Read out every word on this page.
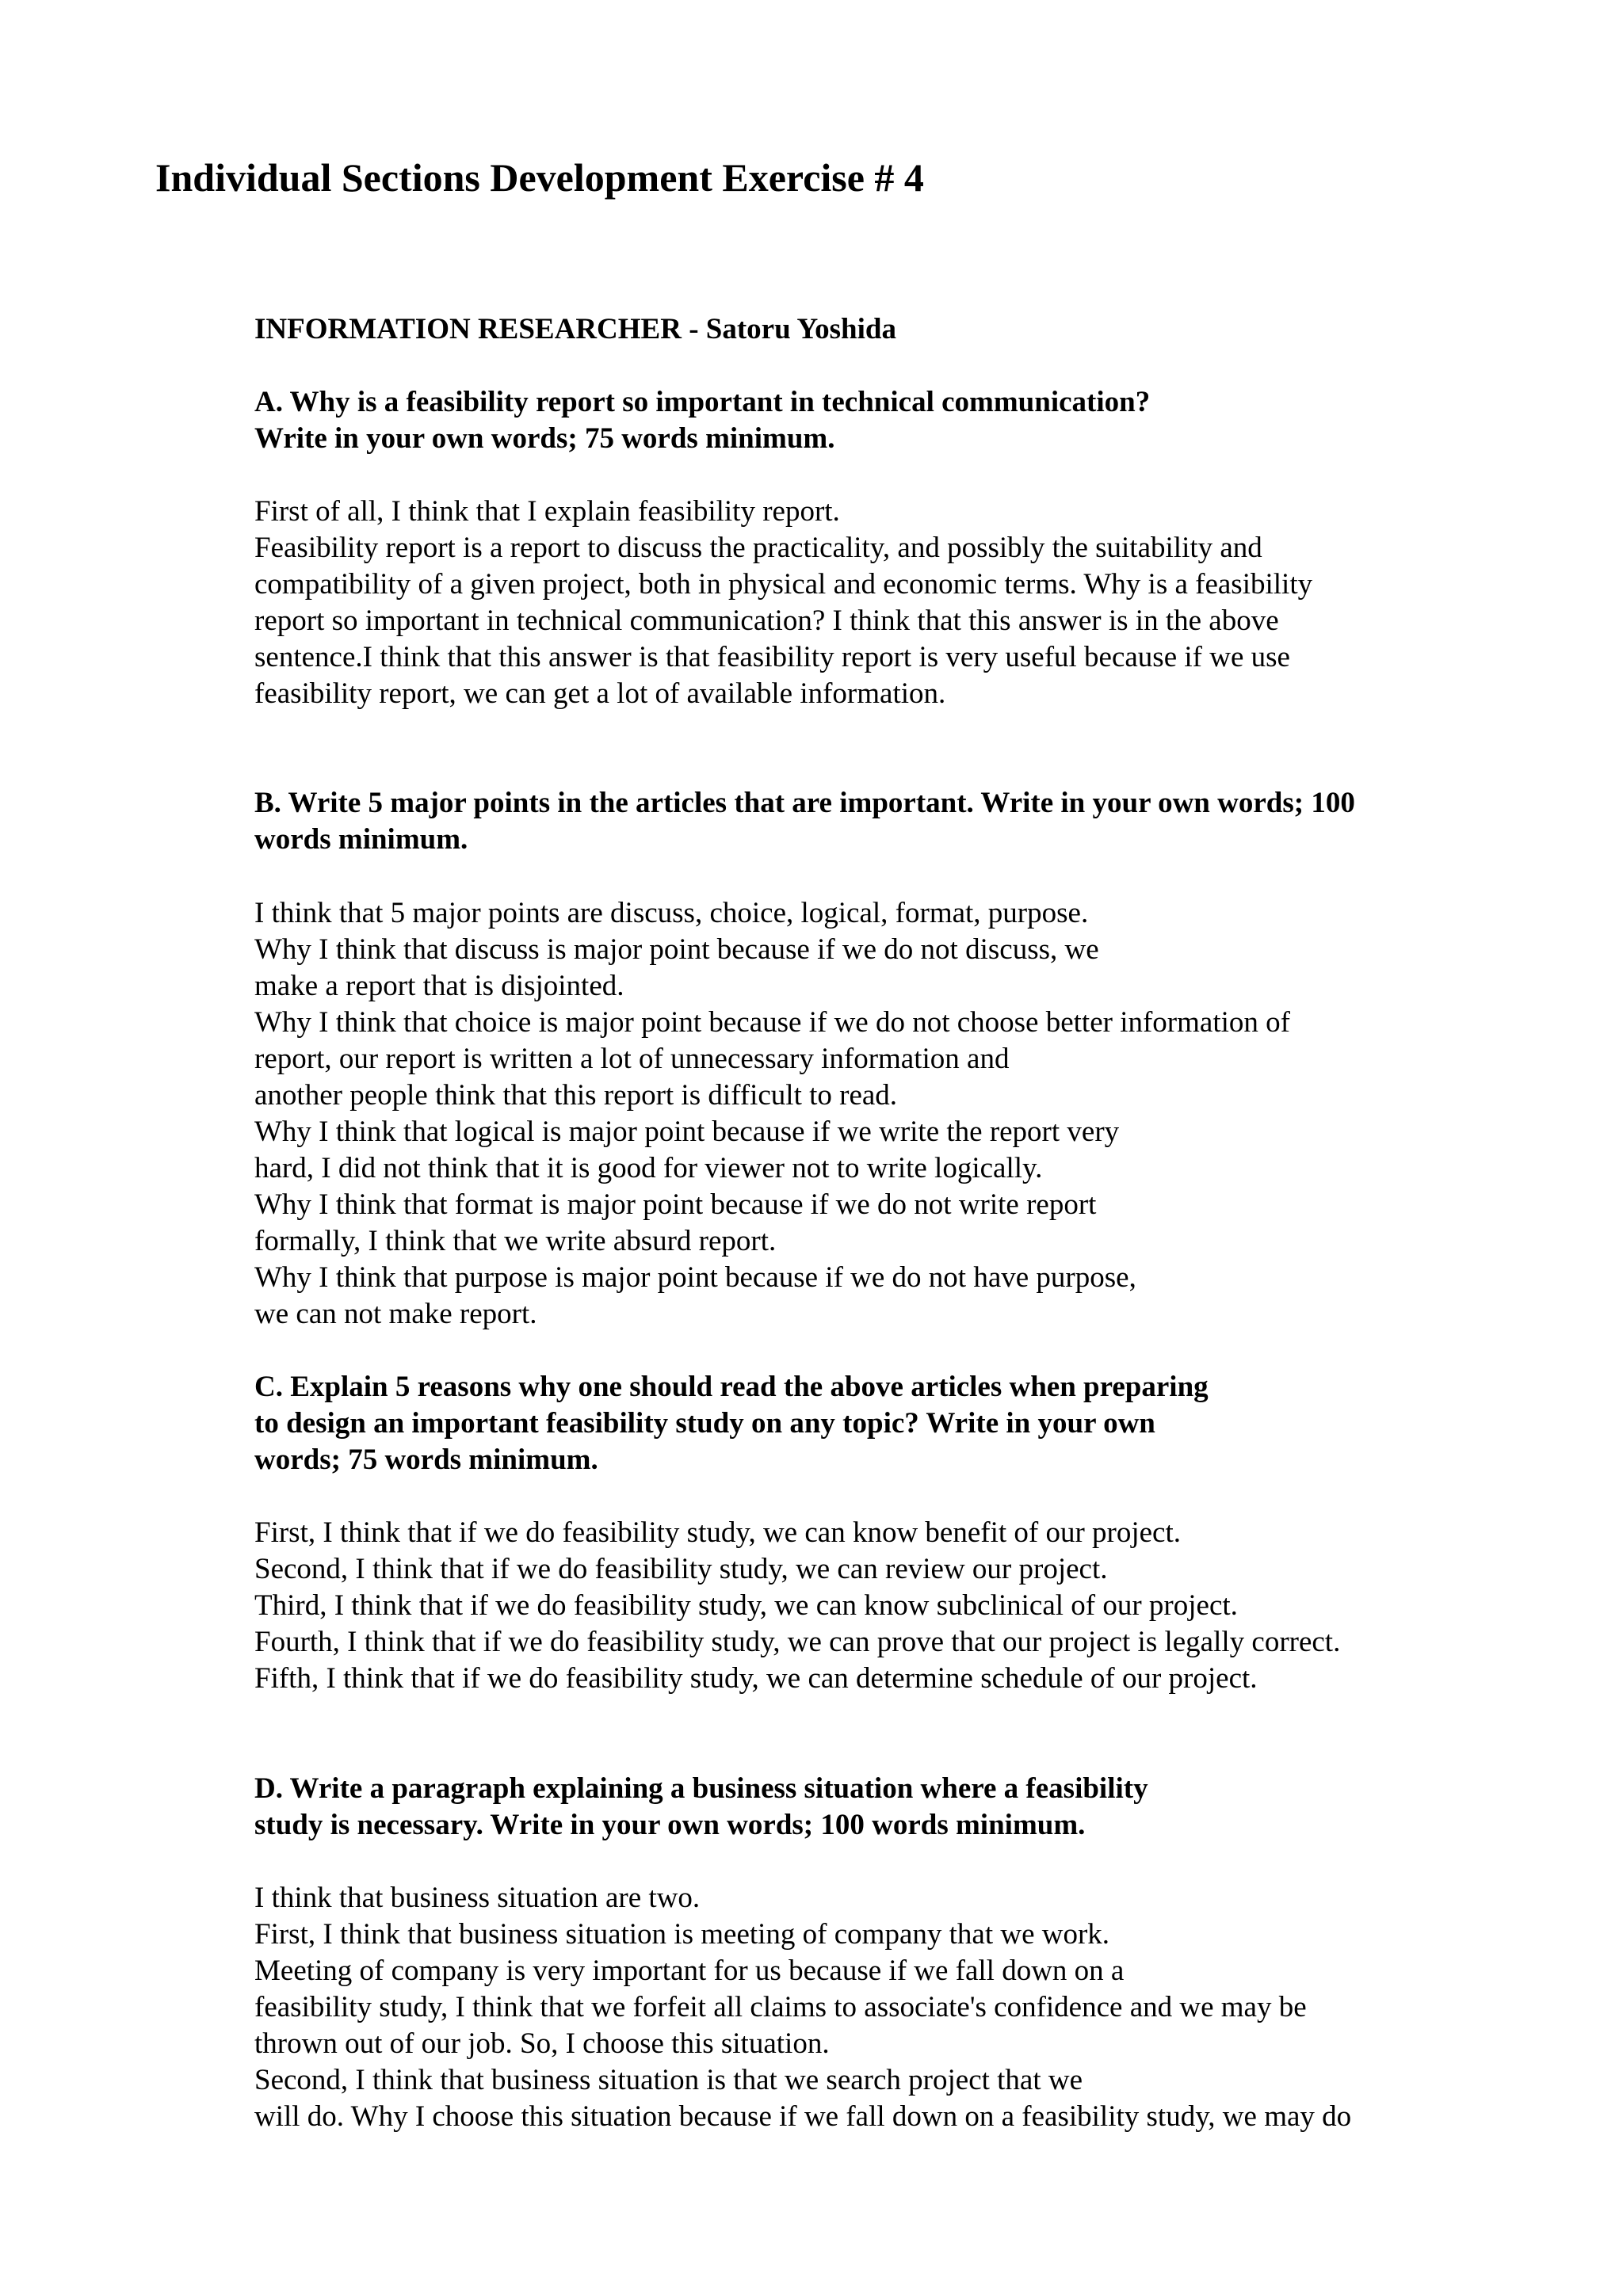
Individual Sections Development Exercise # 4

INFORMATION RESEARCHER - Satoru Yoshida

A. Why is a feasibility report so important in technical communication?

Write in your own words; 75 words minimum.

First of all, I think that I explain feasibility report.

Feasibility report is a report to discuss the practicality, and possibly the suitability and

compatibility of a given project, both in physical and economic terms. Why is a feasibility

report so important in technical communication? I think that this answer is in the above

sentence.I think that this answer is that feasibility report is very useful because if we use

feasibility report, we can get a lot of available information.

B. Write 5 major points in the articles that are important. Write in your own words; 100

words minimum.

I think that 5 major points are discuss, choice, logical, format, purpose.

Why I think that discuss is major point because if we do not discuss, we

make a report that is disjointed.

Why I think that choice is major point because if we do not choose better information of

report, our report is written a lot of unnecessary information and

another people think that this report is difficult to read.

Why I think that logical is major point because if we write the report very

hard, I did not think that it is good for viewer not to write logically.

Why I think that format is major point because if we do not write report

formally, I think that we write absurd report.

Why I think that purpose is major point because if we do not have purpose,

we can not make report.

C. Explain 5 reasons why one should read the above articles when preparing

to design an important feasibility study on any topic? Write in your own

words; 75 words minimum.

First, I think that if we do feasibility study, we can know benefit of our project.

Second, I think that if we do feasibility study, we can review our project.

Third, I think that if we do feasibility study, we can know subclinical of our project.

Fourth, I think that if we do feasibility study, we can prove that our project is legally correct.

Fifth, I think that if we do feasibility study, we can determine schedule of our project.

D. Write a paragraph explaining a business situation where a feasibility

study is necessary. Write in your own words; 100 words minimum.

I think that business situation are two.

First, I think that business situation is meeting of company that we work.

Meeting of company is very important for us because if we fall down on a

feasibility study, I think that we forfeit all claims to associate's confidence and we may be

thrown out of our job. So, I choose this situation.

Second, I think that business situation is that we search project that we

will do. Why I choose this situation because if we fall down on a feasibility study, we may do
